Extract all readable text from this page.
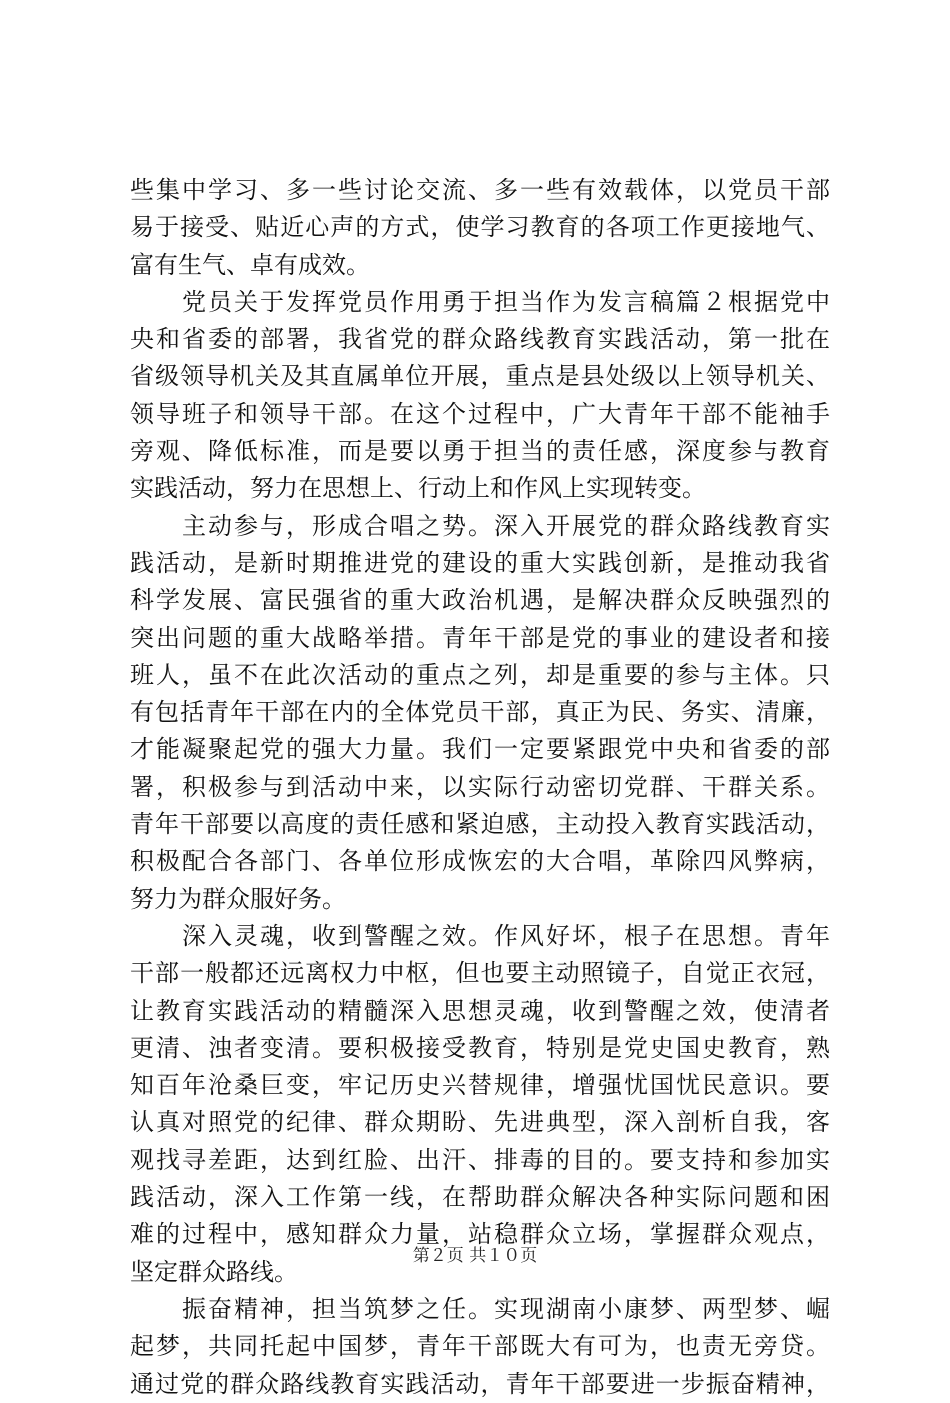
些集中学习、多一些讨论交流、多一些有效载体，以党员干部
易于接受、贴近心声的方式，使学习教育的各项工作更接地气、
富有生气、卓有成效。
党员关于发挥党员作用勇于担当作为发言稿篇２根据党中
央和省委的部署，我省党的群众路线教育实践活动，第一批在
省级领导机关及其直属单位开展，重点是县处级以上领导机关、
领导班子和领导干部。在这个过程中，广大青年干部不能袖手
旁观、降低标准，而是要以勇于担当的责任感，深度参与教育
实践活动，努力在思想上、行动上和作风上实现转变。
主动参与，形成合唱之势。深入开展党的群众路线教育实
践活动，是新时期推进党的建设的重大实践创新，是推动我省
科学发展、富民强省的重大政治机遇，是解决群众反映强烈的
突出问题的重大战略举措。青年干部是党的事业的建设者和接
班人，虽不在此次活动的重点之列，却是重要的参与主体。只
有包括青年干部在内的全体党员干部，真正为民、务实、清廉，
才能凝聚起党的强大力量。我们一定要紧跟党中央和省委的部
署，积极参与到活动中来，以实际行动密切党群、干群关系。
青年干部要以高度的责任感和紧迫感，主动投入教育实践活动，
积极配合各部门、各单位形成恢宏的大合唱，革除四风弊病，
努力为群众服好务。
深入灵魂，收到警醒之效。作风好坏，根子在思想。青年
干部一般都还远离权力中枢，但也要主动照镜子，自觉正衣冠，
让教育实践活动的精髓深入思想灵魂，收到警醒之效，使清者
更清、浊者变清。要积极接受教育，特别是党史国史教育，熟
知百年沧桑巨变，牢记历史兴替规律，增强忧国忧民意识。要
认真对照党的纪律、群众期盼、先进典型，深入剖析自我，客
观找寻差距，达到红脸、出汗、排毒的目的。要支持和参加实
践活动，深入工作第一线，在帮助群众解决各种实际问题和困
难的过程中，感知群众力量，站稳群众立场，掌握群众观点，
坚定群众路线。
振奋精神，担当筑梦之任。实现湖南小康梦、两型梦、崛
起梦，共同托起中国梦，青年干部既大有可为，也责无旁贷。
通过党的群众路线教育实践活动，青年干部要进一步振奋精神，
第２页 共１０页
